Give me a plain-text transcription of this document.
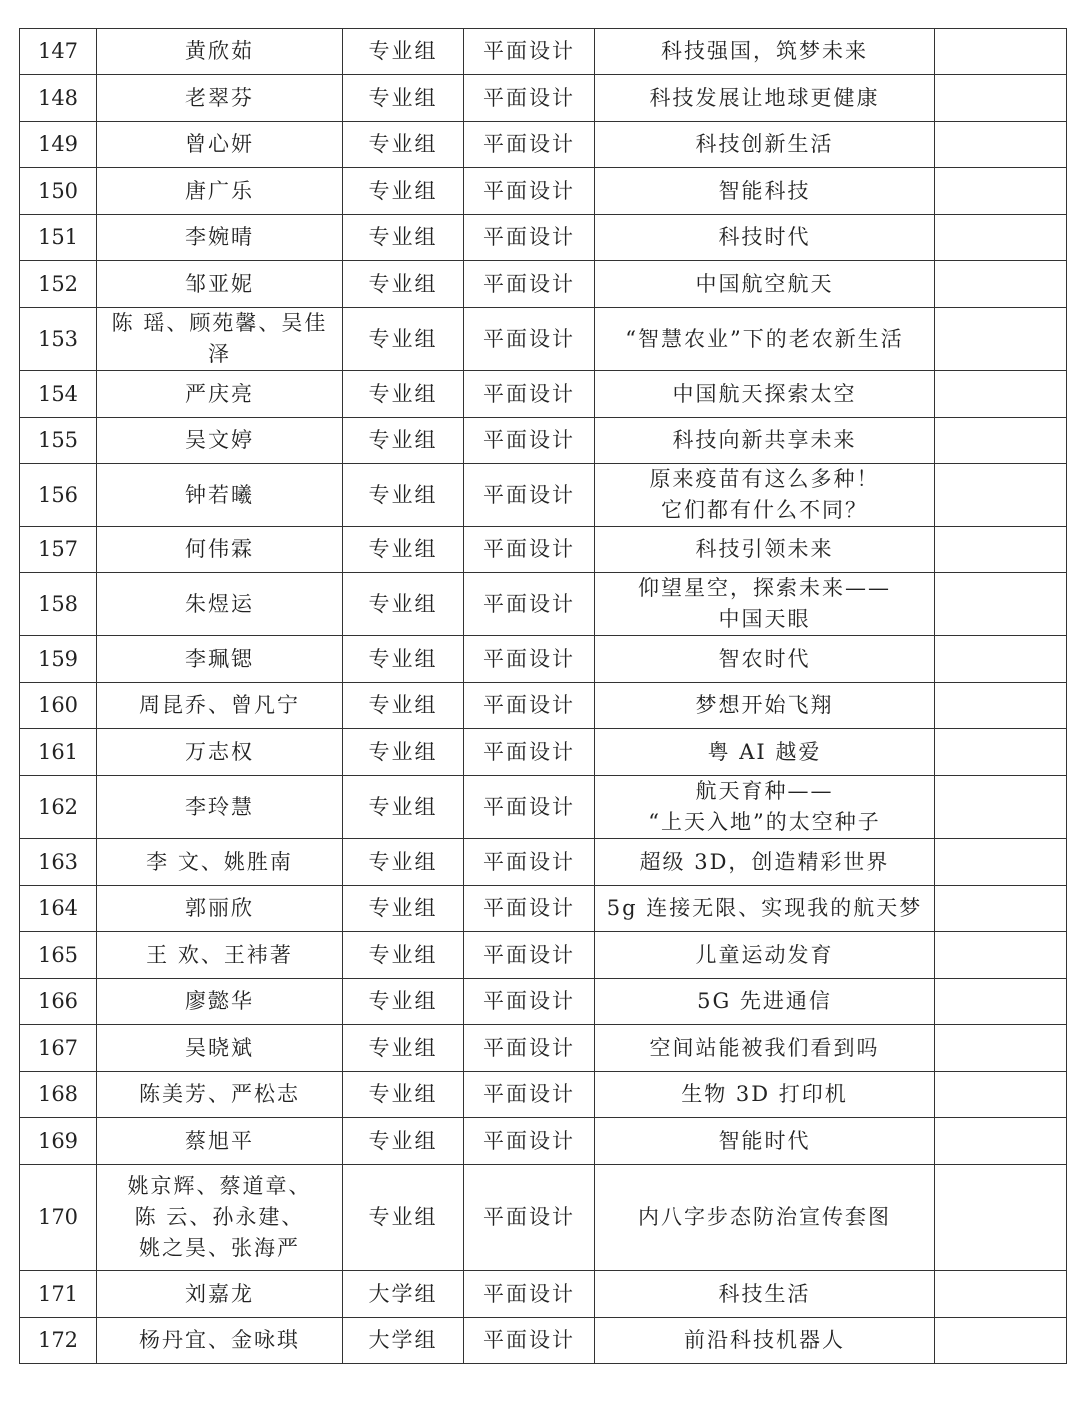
147	黄欣茹	专业组	平面设计	科技强国，筑梦未来	
148	老翠芬	专业组	平面设计	科技发展让地球更健康	
149	曾心妍	专业组	平面设计	科技创新生活	
150	唐广乐	专业组	平面设计	智能科技	
151	李婉晴	专业组	平面设计	科技时代	
152	邹亚妮	专业组	平面设计	中国航空航天	
153	陈 瑶、顾苑馨、吴佳泽	专业组	平面设计	“智慧农业”下的老农新生活	
154	严庆亮	专业组	平面设计	中国航天探索太空	
155	吴文婷	专业组	平面设计	科技向新共享未来	
156	钟若曦	专业组	平面设计	原来疫苗有这么多种！
它们都有什么不同？	
157	何伟霖	专业组	平面设计	科技引领未来	
158	朱煜运	专业组	平面设计	仰望星空，探索未来——
中国天眼	
159	李珮锶	专业组	平面设计	智农时代	
160	周昆乔、曾凡宁	专业组	平面设计	梦想开始飞翔	
161	万志权	专业组	平面设计	粤 AI 越爱	
162	李玲慧	专业组	平面设计	航天育种——
“上天入地”的太空种子	
163	李 文、姚胜南	专业组	平面设计	超级 3D，创造精彩世界	
164	郭丽欣	专业组	平面设计	5g 连接无限、实现我的航天梦	
165	王 欢、王袆著	专业组	平面设计	儿童运动发育	
166	廖懿华	专业组	平面设计	5G 先进通信	
167	吴晓斌	专业组	平面设计	空间站能被我们看到吗	
168	陈美芳、严松志	专业组	平面设计	生物 3D 打印机	
169	蔡旭平	专业组	平面设计	智能时代	
170	姚京辉、蔡道章、
陈 云、孙永建、
姚之昊、张海严	专业组	平面设计	内八字步态防治宣传套图	
171	刘嘉龙	大学组	平面设计	科技生活	
172	杨丹宜、金咏琪	大学组	平面设计	前沿科技机器人	
